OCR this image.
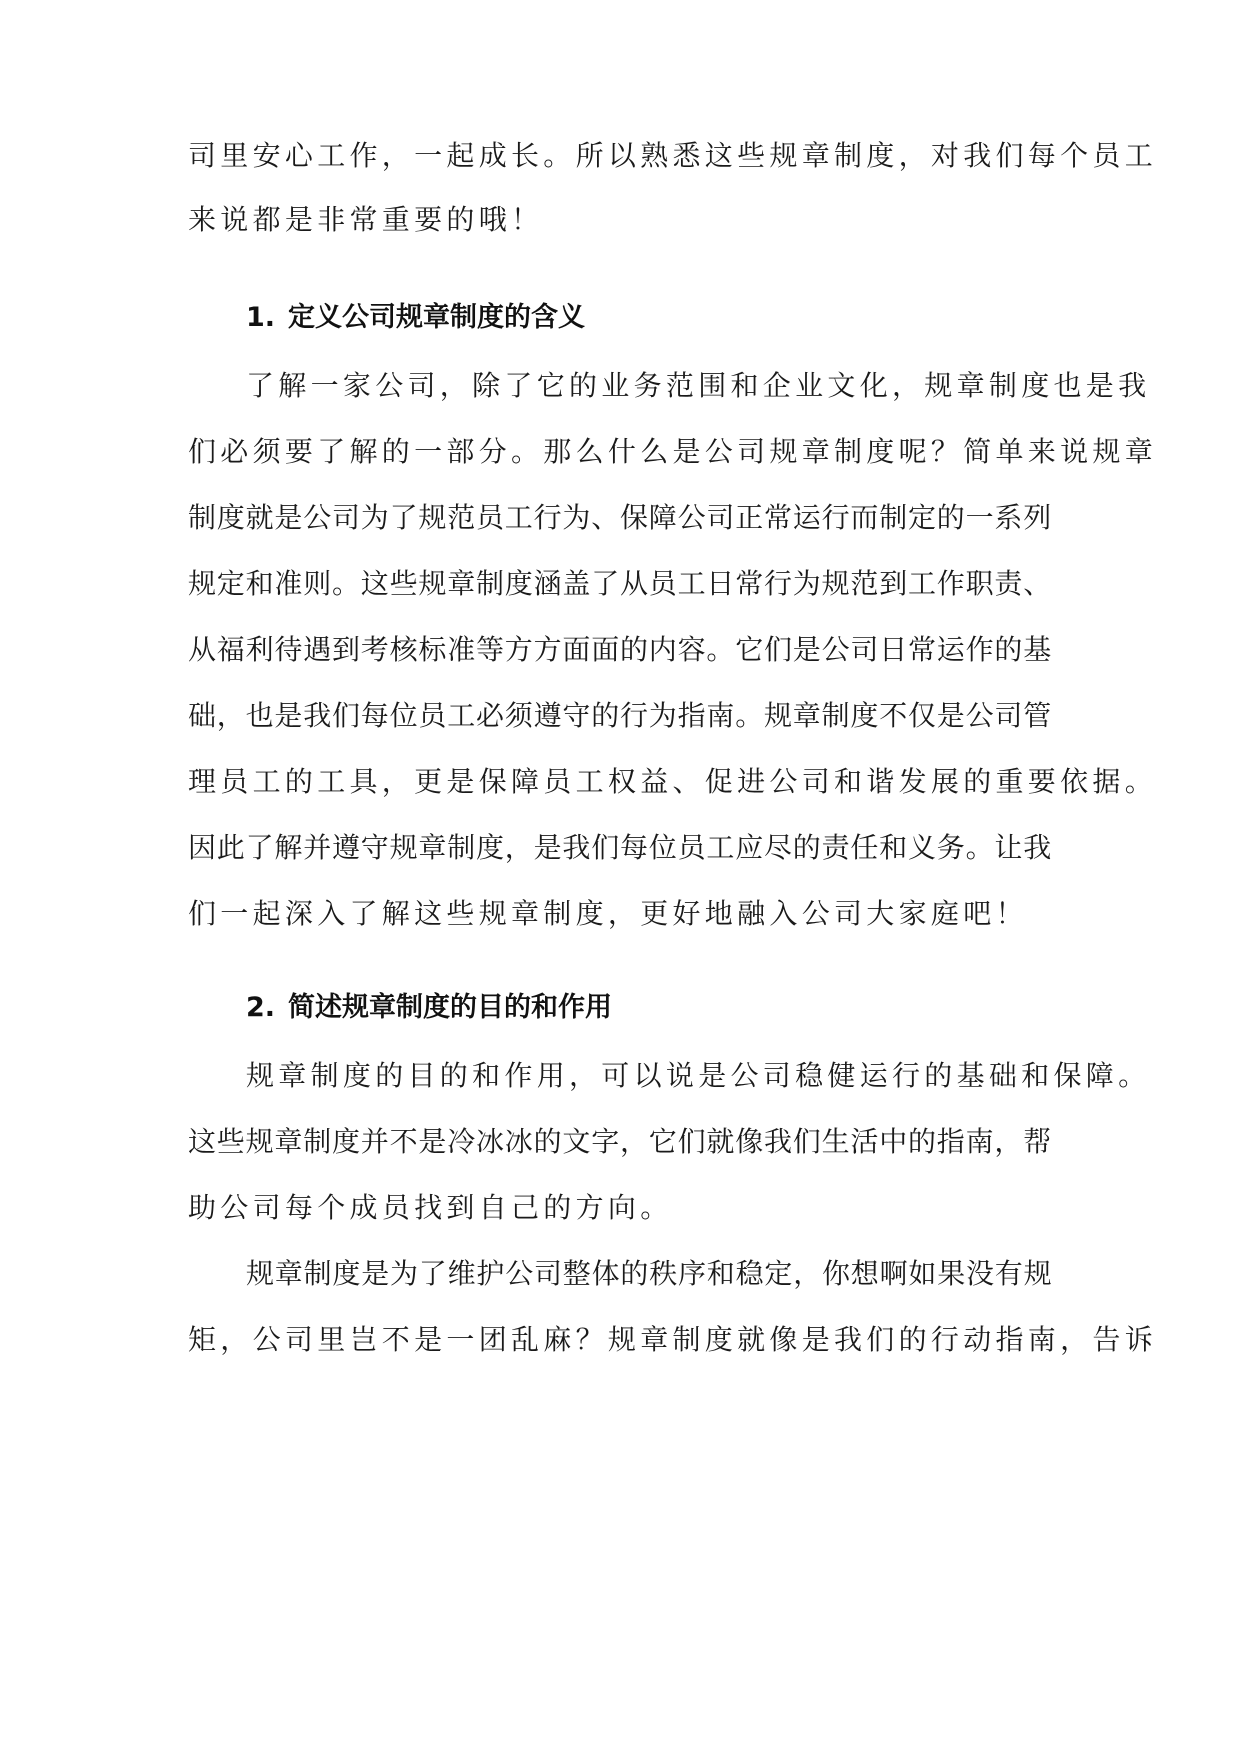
司里安心工作，一起成长。所以熟悉这些规章制度，对我们每个员工
来说都是非常重要的哦！
1. 定义公司规章制度的含义
了解一家公司，除了它的业务范围和企业文化，规章制度也是我
们必须要了解的一部分。那么什么是公司规章制度呢？简单来说规章
制度就是公司为了规范员工行为、保障公司正常运行而制定的一系列
规定和准则。这些规章制度涵盖了从员工日常行为规范到工作职责、
从福利待遇到考核标准等方方面面的内容。它们是公司日常运作的基
础，也是我们每位员工必须遵守的行为指南。规章制度不仅是公司管
理员工的工具，更是保障员工权益、促进公司和谐发展的重要依据。
因此了解并遵守规章制度，是我们每位员工应尽的责任和义务。让我
们一起深入了解这些规章制度，更好地融入公司大家庭吧！
2. 简述规章制度的目的和作用
规章制度的目的和作用，可以说是公司稳健运行的基础和保障。
这些规章制度并不是冷冰冰的文字，它们就像我们生活中的指南，帮
助公司每个成员找到自己的方向。
规章制度是为了维护公司整体的秩序和稳定，你想啊如果没有规
矩，公司里岂不是一团乱麻？规章制度就像是我们的行动指南，告诉
